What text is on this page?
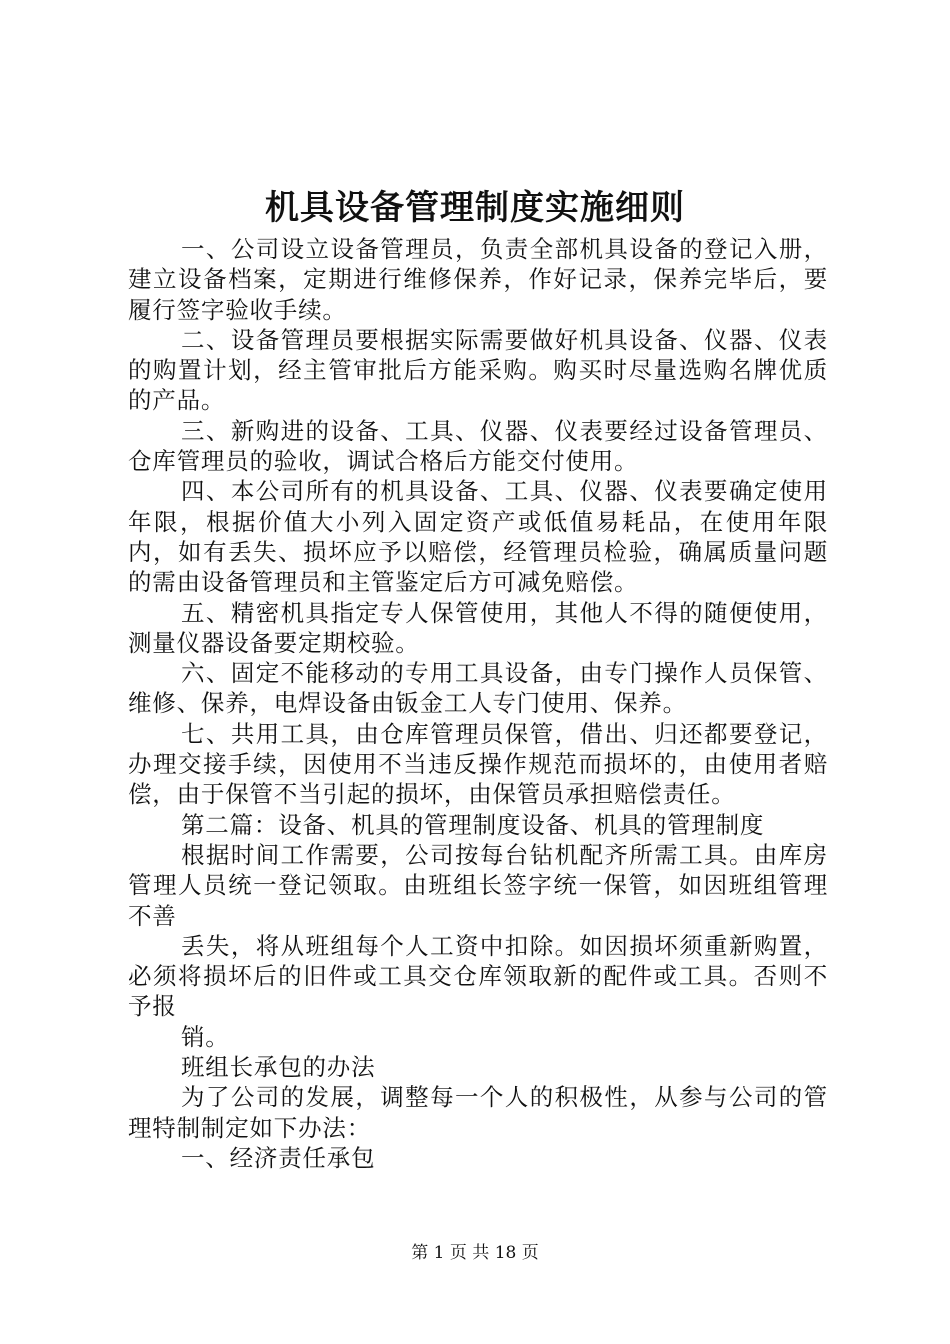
机具设备管理制度实施细则

一、公司设立设备管理员，负责全部机具设备的登记入册，建立设备档案，定期进行维修保养，作好记录，保养完毕后，要履行签字验收手续。

二、设备管理员要根据实际需要做好机具设备、仪器、仪表的购置计划，经主管审批后方能采购。购买时尽量选购名牌优质的产品。

三、新购进的设备、工具、仪器、仪表要经过设备管理员、仓库管理员的验收，调试合格后方能交付使用。

四、本公司所有的机具设备、工具、仪器、仪表要确定使用年限，根据价值大小列入固定资产或低值易耗品，在使用年限内，如有丢失、损坏应予以赔偿，经管理员检验，确属质量问题的需由设备管理员和主管鉴定后方可减免赔偿。

五、精密机具指定专人保管使用，其他人不得的随便使用，测量仪器设备要定期校验。

六、固定不能移动的专用工具设备，由专门操作人员保管、维修、保养，电焊设备由钣金工人专门使用、保养。

七、共用工具，由仓库管理员保管，借出、归还都要登记，办理交接手续，因使用不当违反操作规范而损坏的，由使用者赔偿，由于保管不当引起的损坏，由保管员承担赔偿责任。

第二篇：设备、机具的管理制度设备、机具的管理制度

根据时间工作需要，公司按每台钻机配齐所需工具。由库房管理人员统一登记领取。由班组长签字统一保管，如因班组管理不善

丢失，将从班组每个人工资中扣除。如因损坏须重新购置，必须将损坏后的旧件或工具交仓库领取新的配件或工具。否则不予报

销。

班组长承包的办法

为了公司的发展，调整每一个人的积极性，从参与公司的管理特制制定如下办法：

一、经济责任承包

第 1 页 共 18 页
